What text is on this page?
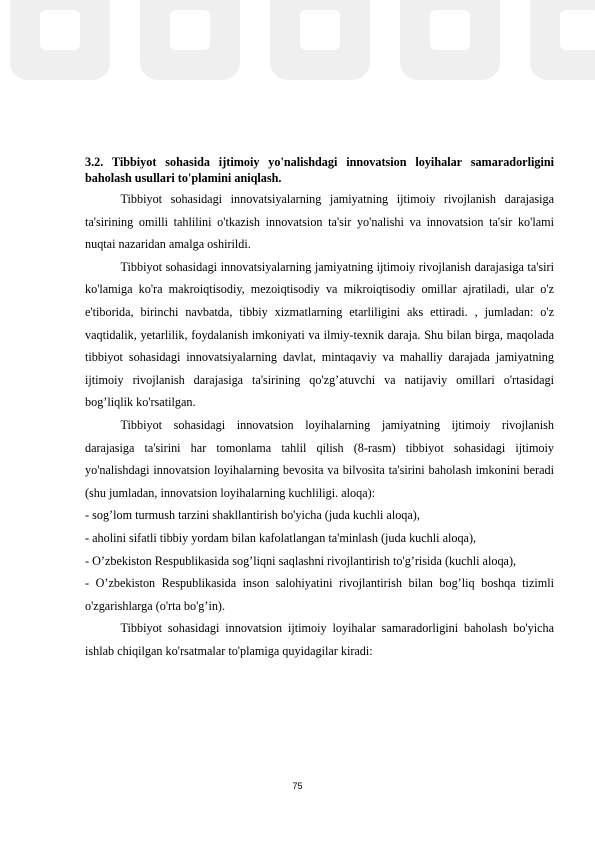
3.2. Tibbiyot sohasida ijtimoiy yo'nalishdagi innovatsion loyihalar samaradorligini baholash usullari to'plamini aniqlash.

Tibbiyot sohasidagi innovatsiyalarning jamiyatning ijtimoiy rivojlanish darajasiga ta'sirining omilli tahlilini o'tkazish innovatsion ta'sir yo'nalishi va innovatsion ta'sir ko'lami nuqtai nazaridan amalga oshirildi.

Tibbiyot sohasidagi innovatsiyalarning jamiyatning ijtimoiy rivojlanish darajasiga ta'siri ko'lamiga ko'ra makroiqtisodiy, mezoiqtisodiy va mikroiqtisodiy omillar ajratiladi, ular o'z e'tiborida, birinchi navbatda, tibbiy xizmatlarning etarliligini aks ettiradi. , jumladan: o'z vaqtidalik, yetarlilik, foydalanish imkoniyati va ilmiy-texnik daraja. Shu bilan birga, maqolada tibbiyot sohasidagi innovatsiyalarning davlat, mintaqaviy va mahalliy darajada jamiyatning ijtimoiy rivojlanish darajasiga ta'sirining qo'zg’atuvchi va natijaviy omillari o'rtasidagi bog’liqlik ko'rsatilgan.

Tibbiyot sohasidagi innovatsion loyihalarning jamiyatning ijtimoiy rivojlanish darajasiga ta'sirini har tomonlama tahlil qilish (8-rasm) tibbiyot sohasidagi ijtimoiy yo'nalishdagi innovatsion loyihalarning bevosita va bilvosita ta'sirini baholash imkonini beradi (shu jumladan, innovatsion loyihalarning kuchliligi. aloqa):

- sog’lom turmush tarzini shakllantirish bo'yicha (juda kuchli aloqa),

- aholini sifatli tibbiy yordam bilan kafolatlangan ta'minlash (juda kuchli aloqa),

- O’zbekiston Respublikasida sog’liqni saqlashni rivojlantirish to'g’risida (kuchli aloqa),

- O’zbekiston Respublikasida inson salohiyatini rivojlantirish bilan bog’liq boshqa tizimli o'zgarishlarga (o'rta bo'g’in).

Tibbiyot sohasidagi innovatsion ijtimoiy loyihalar samaradorligini baholash bo'yicha ishlab chiqilgan ko'rsatmalar to'plamiga quyidagilar kiradi:

75
